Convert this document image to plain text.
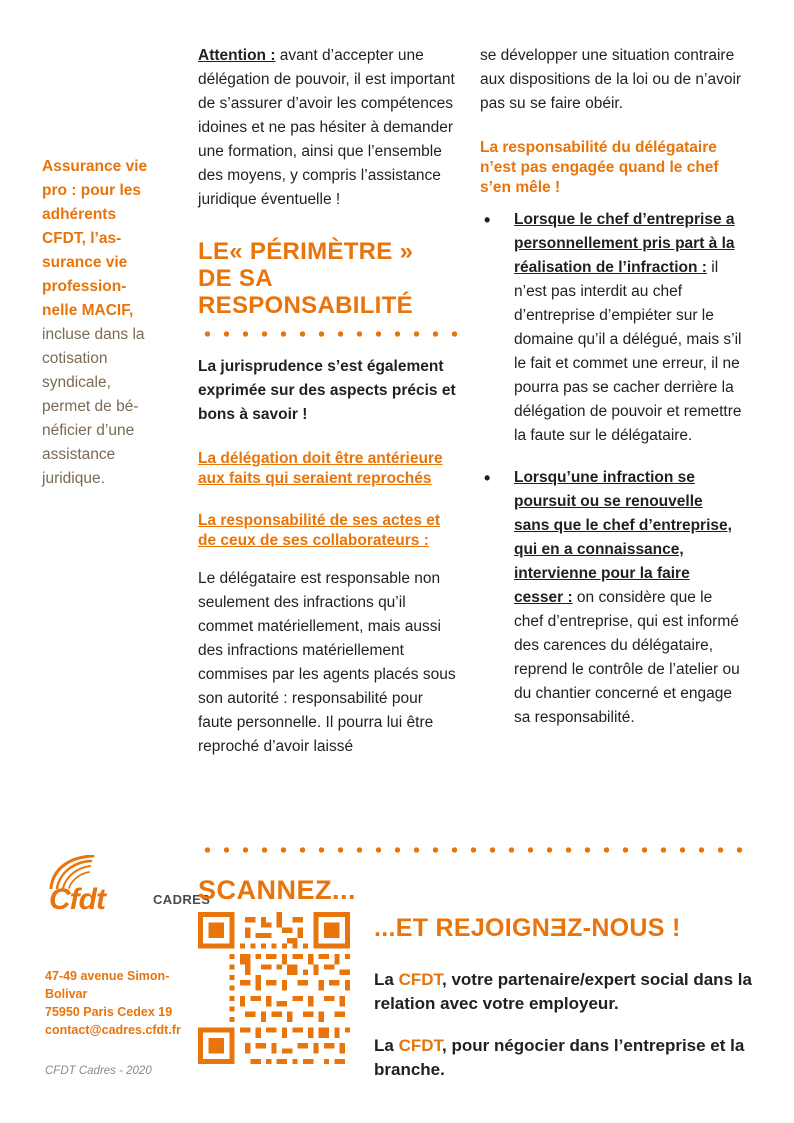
Assurance vie pro : pour les adhérents CFDT, l’as-surance vie profession-nelle MACIF, incluse dans la cotisation syndicale, permet de bé-néficier d’une assistance juridique.
Attention : avant d’accepter une délégation de pouvoir, il est important de s’assurer d’avoir les compétences idoines et ne pas hésiter à demander une formation, ainsi que l’ensemble des moyens, y compris l’assistance juridique éventuelle !
LE« PÉRIMÈTRE »
DE SA RESPONSABILITÉ
La jurisprudence s’est également exprimée sur des aspects précis et bons à savoir !
La délégation doit être antérieure aux faits qui seraient reprochés
La responsabilité de ses actes et de ceux de ses collaborateurs :
Le délégataire est responsable non seulement des infractions qu’il commet matériellement, mais aussi des infractions matériellement commises par les agents placés sous son autorité : responsabilité pour faute personnelle. Il pourra lui être reproché d’avoir laissé
se développer une situation contraire aux dispositions de la loi ou de n’avoir pas su se faire obéir.
La responsabilité du délégataire n’est pas engagée quand le chef s’en mêle !
• Lorsque le chef d’entreprise a personnellement pris part à la réalisation de l’infraction : il n’est pas interdit au chef d’entreprise d’empiéter sur le domaine qu’il a délégué, mais s’il le fait et commet une erreur, il ne pourra pas se cacher derrière la délégation de pouvoir et remettre la faute sur le délégataire.
• Lorsqu’une infraction se poursuit ou se renouvelle sans que le chef d’entreprise, qui en a connaissance, intervienne pour la faire cesser : on considère que le chef d’entreprise, qui est informé des carences du délégataire, reprend le contrôle de l’atelier ou du chantier concerné et engage sa responsabilité.
Cfdt	CADRES
47-49 avenue Simon-Bolivar
75950 Paris Cedex 19
contact@cadres.cfdt.fr
CFDT Cadres - 2020
SCANNEZ...
...ET REJOIGNƎZ-NOUS !
La CFDT, votre partenaire/expert social dans la relation avec votre employeur.
La CFDT, pour négocier dans l’entreprise et la branche.
